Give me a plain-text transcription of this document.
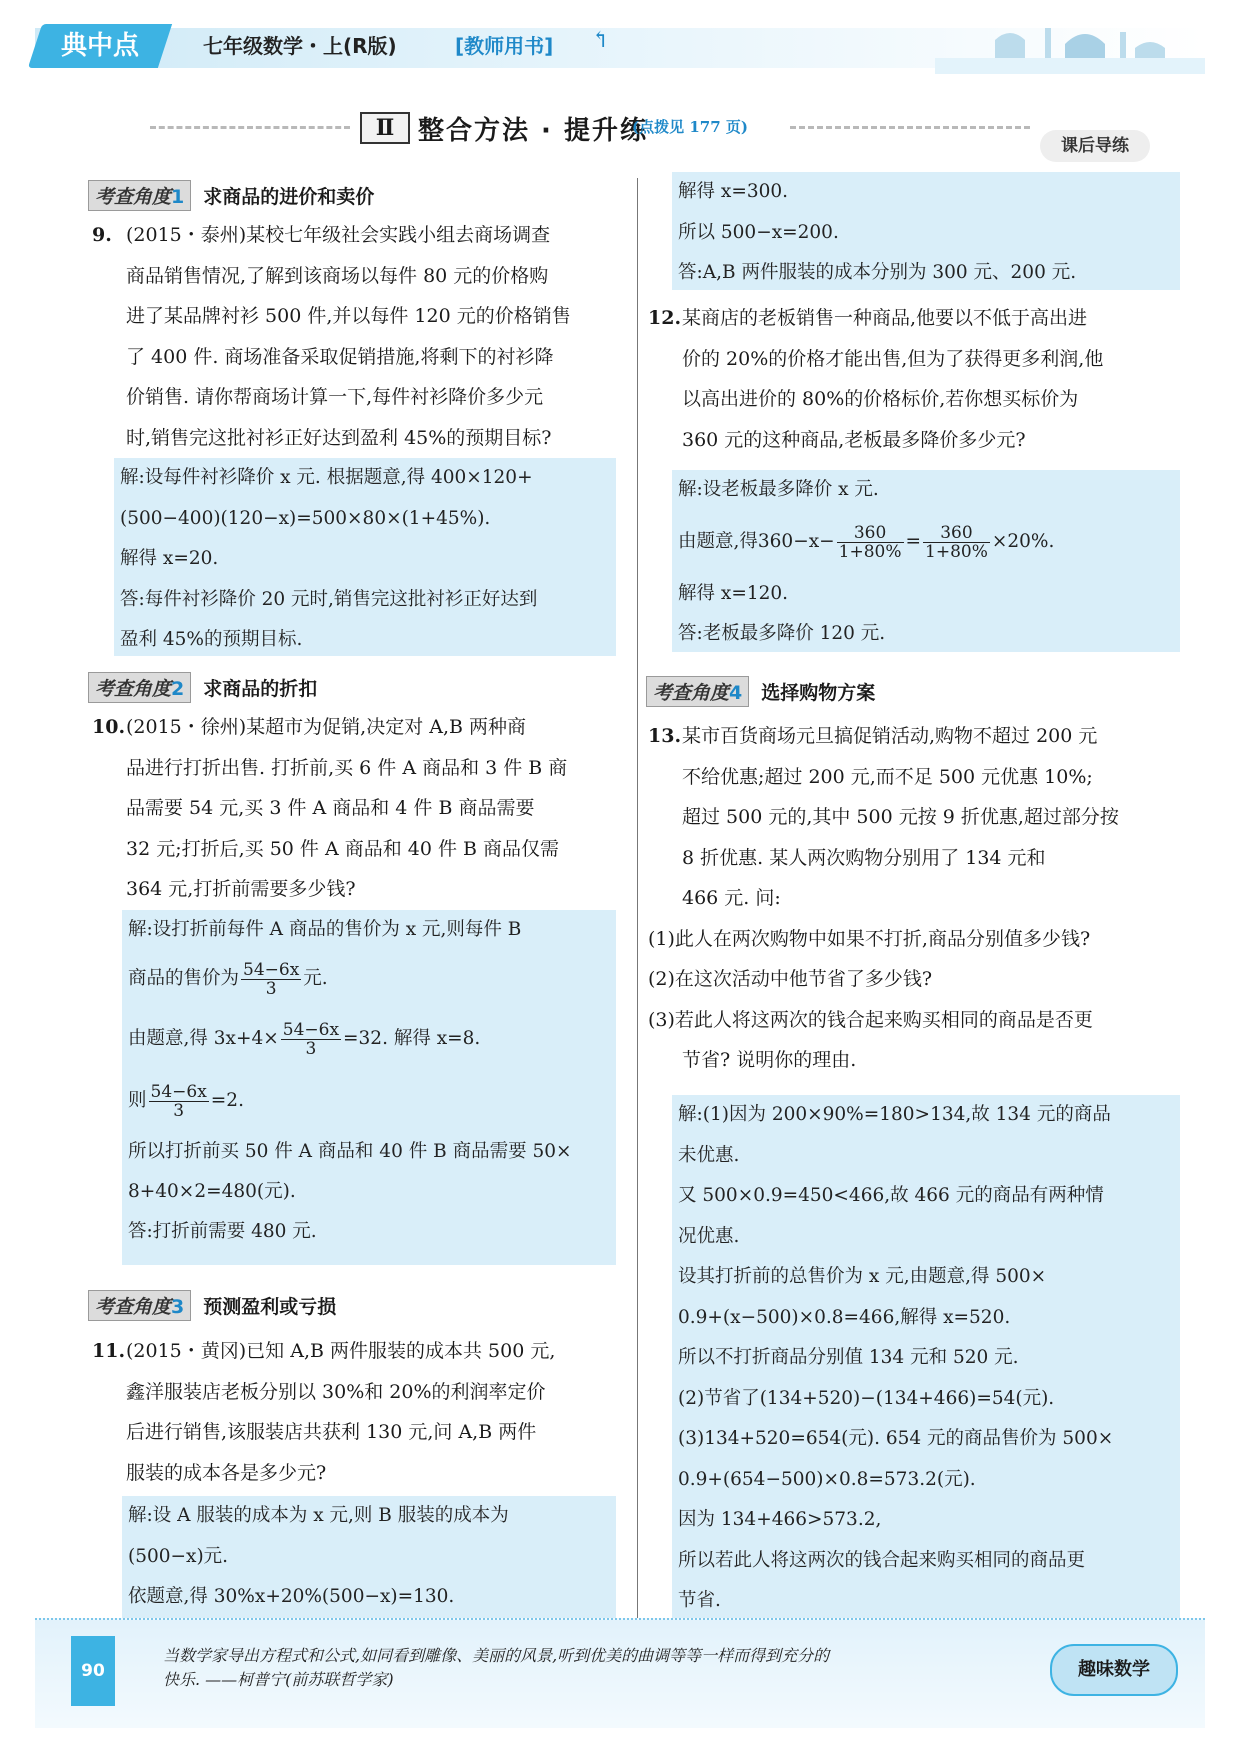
典中点	七年级数学・上(R版)	[教师用书] ↰
Ⅱ 整合方法 · 提升练
(点拨见 177 页)
课后导练
考查角度1 求商品的进价和卖价
9. (2015・泰州)某校七年级社会实践小组去商场调查
商品销售情况,了解到该商场以每件 80 元的价格购
进了某品牌衬衫 500 件,并以每件 120 元的价格销售
了 400 件. 商场准备采取促销措施,将剩下的衬衫降
价销售. 请你帮商场计算一下,每件衬衫降价多少元
时,销售完这批衬衫正好达到盈利 45%的预期目标?

解:设每件衬衫降价 x 元. 根据题意,得 400×120+

(500−400)(120−x)=500×80×(1+45%).

解得 x=20.

答:每件衬衫降价 20 元时,销售完这批衬衫正好达到

盈利 45%的预期目标.

考查角度2 求商品的折扣
10. (2015・徐州)某超市为促销,决定对 A,B 两种商
品进行打折出售. 打折前,买 6 件 A 商品和 3 件 B 商
品需要 54 元,买 3 件 A 商品和 4 件 B 商品需要
32 元;打折后,买 50 件 A 商品和 40 件 B 商品仅需
364 元,打折前需要多少钱?

解:设打折前每件 A 商品的售价为 x 元,则每件 B

商品的售价为 $\frac{54-6x}{3}$ 元.

由题意,得 $3x+4\times \frac{54-6x}{3} =32$. 解得 x=8.

则 $\frac{54-6x}{3} =2$.

所以打折前买 50 件 A 商品和 40 件 B 商品需要 50×

8+40×2=480(元).

答:打折前需要 480 元.

考查角度3 预测盈利或亏损
11. (2015・黄冈)已知 A,B 两件服装的成本共 500 元,
鑫洋服装店老板分别以 30%和 20%的利润率定价
后进行销售,该服装店共获利 130 元,问 A,B 两件
服装的成本各是多少元?

解:设 A 服装的成本为 x 元,则 B 服装的成本为

(500−x)元.

依题意,得 30%x+20%(500−x)=130.

解得 x=300.

所以 500−x=200.

答:A,B 两件服装的成本分别为 300 元、200 元.

12. 某商店的老板销售一种商品,他要以不低于高出进
价的 20%的价格才能出售,但为了获得更多利润,他
以高出进价的 80%的价格标价,若你想买标价为
360 元的这种商品,老板最多降价多少元?

解:设老板最多降价 x 元.

由题意,得$360-x- \frac{360}{1+80\%} = \frac{360}{1+80\%} \times 20\%$.

解得 x=120.

答:老板最多降价 120 元.

考查角度4 选择购物方案
13. 某市百货商场元旦搞促销活动,购物不超过 200 元
不给优惠;超过 200 元,而不足 500 元优惠 10%;
超过 500 元的,其中 500 元按 9 折优惠,超过部分按
8 折优惠. 某人两次购物分别用了 134 元和
466 元. 问:
(1)此人在两次购物中如果不打折,商品分别值多少钱?
(2)在这次活动中他节省了多少钱?
(3)若此人将这两次的钱合起来购买相同的商品是否更
节省? 说明你的理由.

解:(1)因为 200×90%=180>134,故 134 元的商品

未优惠.

又 500×0.9=450<466,故 466 元的商品有两种情

况优惠.

设其打折前的总售价为 x 元,由题意,得 500×

0.9+(x−500)×0.8=466,解得 x=520.

所以不打折商品分别值 134 元和 520 元.

(2)节省了(134+520)−(134+466)=54(元).

(3)134+520=654(元). 654 元的商品售价为 500×

0.9+(654−500)×0.8=573.2(元).

因为 134+466>573.2,

所以若此人将这两次的钱合起来购买相同的商品更

节省.

90
当数学家导出方程式和公式,如同看到雕像、美丽的风景,听到优美的曲调等等一样而得到充分的
快乐. ——柯普宁(前苏联哲学家)	趣味数学
